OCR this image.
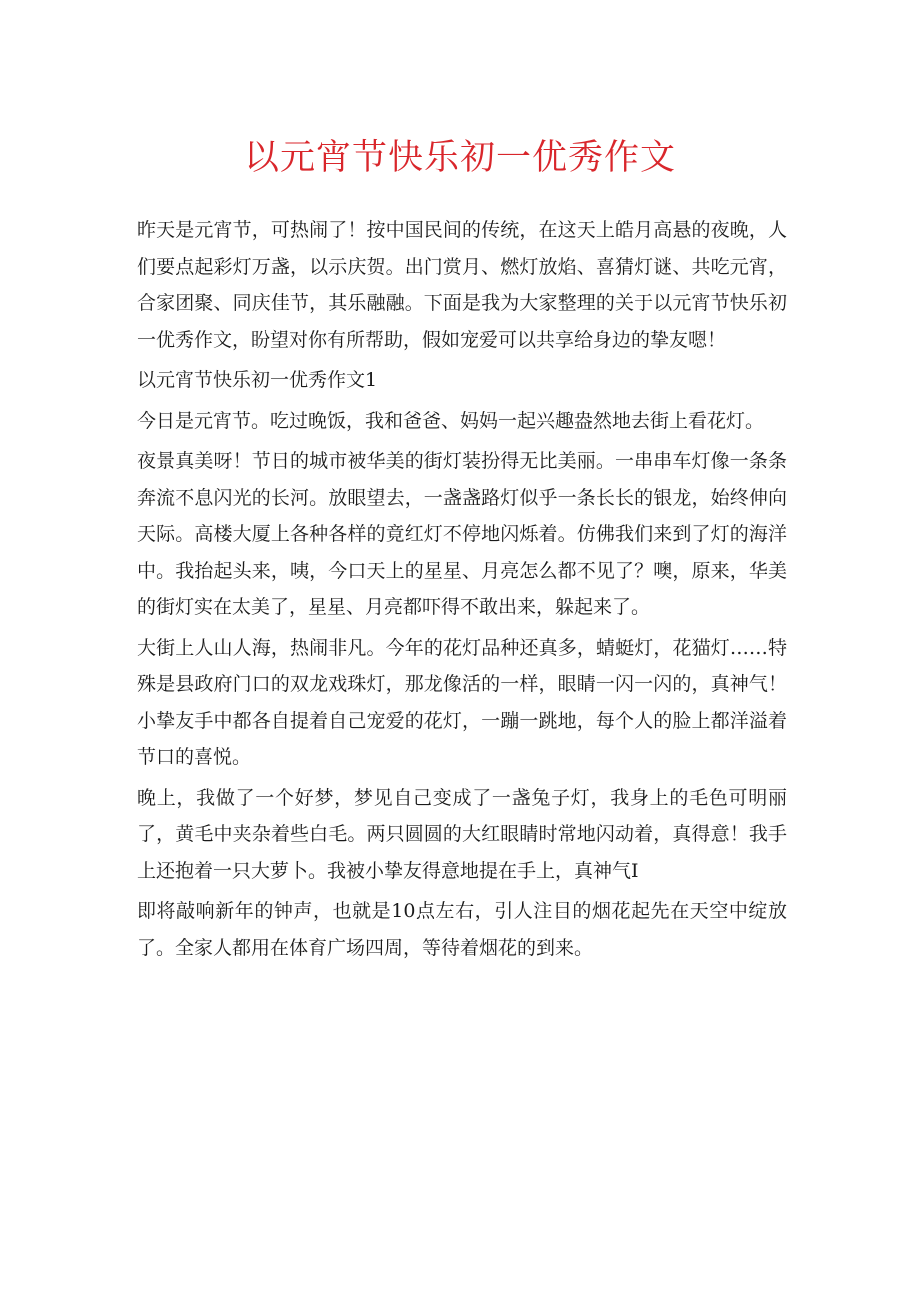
以元宵节快乐初一优秀作文

昨天是元宵节，可热闹了！按中国民间的传统，在这天上皓月高悬的夜晚，人们要点起彩灯万盏，以示庆贺。出门赏月、燃灯放焰、喜猜灯谜、共吃元宵，合家团聚、同庆佳节，其乐融融。下面是我为大家整理的关于以元宵节快乐初一优秀作文，盼望对你有所帮助，假如宠爱可以共享给身边的挚友嗯！

以元宵节快乐初一优秀作文1

今日是元宵节。吃过晚饭，我和爸爸、妈妈一起兴趣盎然地去街上看花灯。

夜景真美呀！节日的城市被华美的街灯装扮得无比美丽。一串串车灯像一条条奔流不息闪光的长河。放眼望去，一盏盏路灯似乎一条长长的银龙，始终伸向天际。高楼大厦上各种各样的竟红灯不停地闪烁着。仿佛我们来到了灯的海洋中。我抬起头来，咦，今口天上的星星、月亮怎么都不见了？噢，原来，华美的街灯实在太美了，星星、月亮都吓得不敢出来，躲起来了。

大街上人山人海，热闹非凡。今年的花灯品种还真多，蜻蜓灯，花猫灯……特殊是县政府门口的双龙戏珠灯，那龙像活的一样，眼睛一闪一闪的，真神气！小挚友手中都各自提着自己宠爱的花灯，一蹦一跳地，每个人的脸上都洋溢着节口的喜悦。

晚上，我做了一个好梦，梦见自己变成了一盏兔子灯，我身上的毛色可明丽了，黄毛中夹杂着些白毛。两只圆圆的大红眼睛时常地闪动着，真得意！我手上还抱着一只大萝卜。我被小挚友得意地提在手上，真神气I

即将敲响新年的钟声，也就是10点左右，引人注目的烟花起先在天空中绽放了。全家人都用在体育广场四周，等待着烟花的到来。
